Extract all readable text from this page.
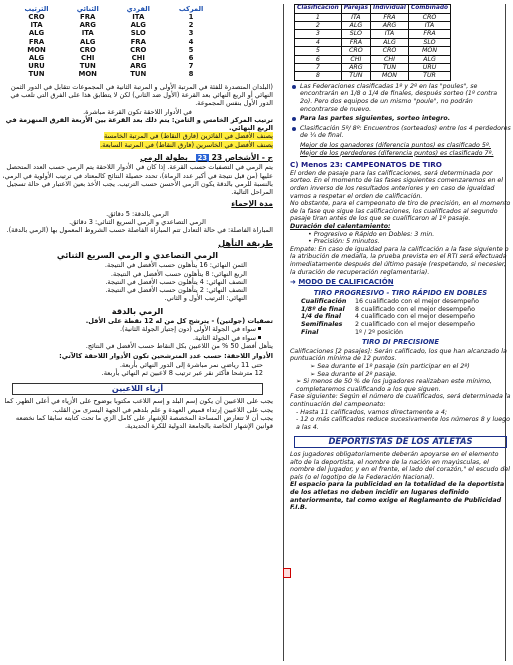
الترتيب	الثنائي	الفردي	المركب
CRO	FRA	ITA	1
ITA	ARG	ALG	2
ALG	ITA	SLO	3
FRA	ALG	FRA	4
MON	CRO	CRO	5
ALG	CHI	CHI	6
URU	TUN	ARG	7
TUN	MON	TUN	8

(البلدان المتصدرة للفئة في المرتبة الأولى و المرتبة الثانية في المجموعات تتقابل في الدور الثمن النهائي أو الربع النهائي بعد القرعة (الأول ضد الثاني) لكن لا يتطابق هذا على الفرق التي تلعب في الدور الأول بنفس المجموعة.

في الأدوار اللاحقة تكون القرعة مباشرة.

ترتيب المركز الخامس و الثامن: يتم ذلك بعد القرعة بين الأربعة الفرق المنهزمة في الربع النهائي.

يصنف الأفضل في الفائزين (فارق النقاط) في المرتبة الخامسة

يصنف الأفضل في الخاسرين (فارق النقاط) في المرتبة السابعة.

ج - الأشخاص 23 23   بطولة الرمي

يتم الرمي في التصفيات حسب القرعة. إذا كان في الأدوار اللاحقة يتم الرمي حسب العدد المتحصل عليها (من قبل نتيجة في أكبر عدد الرماة)، تحدد حصيلة النتائج كالمعتاد في ترتيب الأولوية في الرمي، بالنسبة للرمي بالدقة يكون الرمي الأحسن حسب الترتيب. يجب الأخذ بعين الاعتبار في حالة تسجيل المراحل التالية.

مدة الإحماء

الرمي بالدقة: 5 دقائق.

الرمي التصاعدي و الرمي السريع الثنائي: 3 دقائق.

المباراة الفاصلة: في حالة التعادل تتم المباراة الفاصلة حسب الشروط المعمول بها (الرمي بالدقة).

طريقة التأهل
الرمي التصاعدي و الرمي السريع الثنائي

الثمن النهائي: 16 يتأهلون حسب الأفضل في النتيجة.

الربع النهائي: 8 يتأهلون حسب الأفضل في النتيجة.

النصف النهائي: 4 يتأهلون حسب الأفضل في النتيجة.

النصف النهائي: 2 يتأهلون حسب الأفضل في النتيجة.

النهائي: الترتيب الأول و الثاني.

الرمي بالدقة

تصفيات (جولتين) - يترشح كل من له 12 نقطة على الأقل.

سواء في الجولة الأولى (دون إجتياز الجولة الثانية).

سواء في الجولة الثانية.

يتأهل أفضل 50 % من اللاعبين بكل النقاط حسب الأفضل في النتائج.

الأدوار اللاحقة: حسب عدد المترشحين تكون الأدوار اللاحقة كالآتي:

حتى 11 رياضي نمر مباشرة إلى الدور النهائي بأربعة.

12 مترشحا فأكثر نقر عبر ترتيب 8 لاعبين ثم النهائي بأربعة.

أزياء اللاعبين

يجب على اللاعبين أن يكون إسم البلد و إسم اللاعب مكتوبا بوضوح على الأزياء في أعلى الظهر. كما يجب على اللاعبين إرتداء قميص العهدة و علم بلدهم في الجهة اليسرى من القلب.

يجب أن لا تتعارض المساحة المخصصة للإشهار على كامل الزي ما تحت كتابته سابقا كما نخضعه قوانين الإشهار الخاصة بالجامعة الدولية للكرة الحديدية.

Clasificación	Parejas	Individual	Combinado
1	ITA	FRA	CRO
2	ALG	ARG	ITA
3	SLO	ITA	FRA
4	FRA	ALG	SLO
5	CRO	CRO	MON
6	CHI	CHI	ALG
7	ARG	TUN	URU
8	TUN	MON	TUR
Las Federaciones clasificadas 1º y 2º en las "poules", se encontrarán en 1/8 o 1/4 de finales, después sorteo (1º contra 2o). Pero dos equipos de un mismo "poule", no podrán encontrarse de nuevo.
Para las partes siguientes, sorteo integro.
Clasificación 5º/ 8º: Encuentros (sorteados) entre los 4 perdedores de ¼ de final.

Mejor de los ganadores (diferencia puntos) es clasificado 5º.

Mejor de los perdedores (diferencia puntos) es clasificado 7º.

C) Menos 23: CAMPEONATOS DE TIRO

El orden de pasaje para las calificaciones, será determinada por sorteo. En el momento de las fases siguientes comenzaremos en el orden inverso de los resultados anteriores y en caso de igualdad vamos a respetar el orden de calificación.

No obstante, para el campeonato de tiro de precisión, en el momento de la fase que sigue las calificaciones, los cualificados al segundo pasaje tiran antes de los que se cualificaron al 1º pasaje.

Duración del calentamiento:

• Progresivo e Rápido en Dobles: 3 min.

• Precisión: 5 minutos.

Empate: En caso de igualdad para la calificación a la fase siguiente o la atribución de medalla, la prueba prevista en el RTI será efectuada inmediatamente después del último pasaje (respetando, si necesier, la duración de recuperación reglamentaria).

➜ MODO DE CALIFICACIÓN
TIRO PROGRESIVO - TIRO RÁPIDO EN DOBLES
Cualificación	16 cualificado con el mejor desempeño
1/8º de final	8 cualificado con el mejor desempeño
1/4 de final	4 cualificado con el mejor desempeño
Semifinales	2 cualificado con el mejor desempeño
Final	1º / 2º posición
TIRO DI PRECISIONE

Calificaciones [2 pasajes]: Serán calificado, los que han alcanzado la puntuación mínima de 12 puntos.

➢ Sea durante el 1º pasaje (sin participar en el 2º)

➢ Sea durante el 2º pasaje.

➢ Si menos de 50 % de los jugadores realizaban este mínimo, completaremos cualificando a los que siguen.

Fase siguiente: Según el número de cualificados, será determinada la continuación del campeonato:

- Hasta 11 calificados, vamos directamente a 4;

- 12 o más calificados reduce sucesivamente los números 8 y luego a las 4.

DEPORTISTAS DE LOS ATLETAS

Los jugadores obligatoriamente deberán apoyarse en el elemento alto de la deportista, el nombre de la nación en mayúsculas, el nombre del jugador, y en el frente, el lado del corazón," el escudo del país (o el logotipo de la Federación Nacional).

El espacio para la publicidad en la totalidad de la deportista de los atletas no deben incidir en lugares definido anteriormente, tal como exige el Reglamento de Publicidad F.I.B.
